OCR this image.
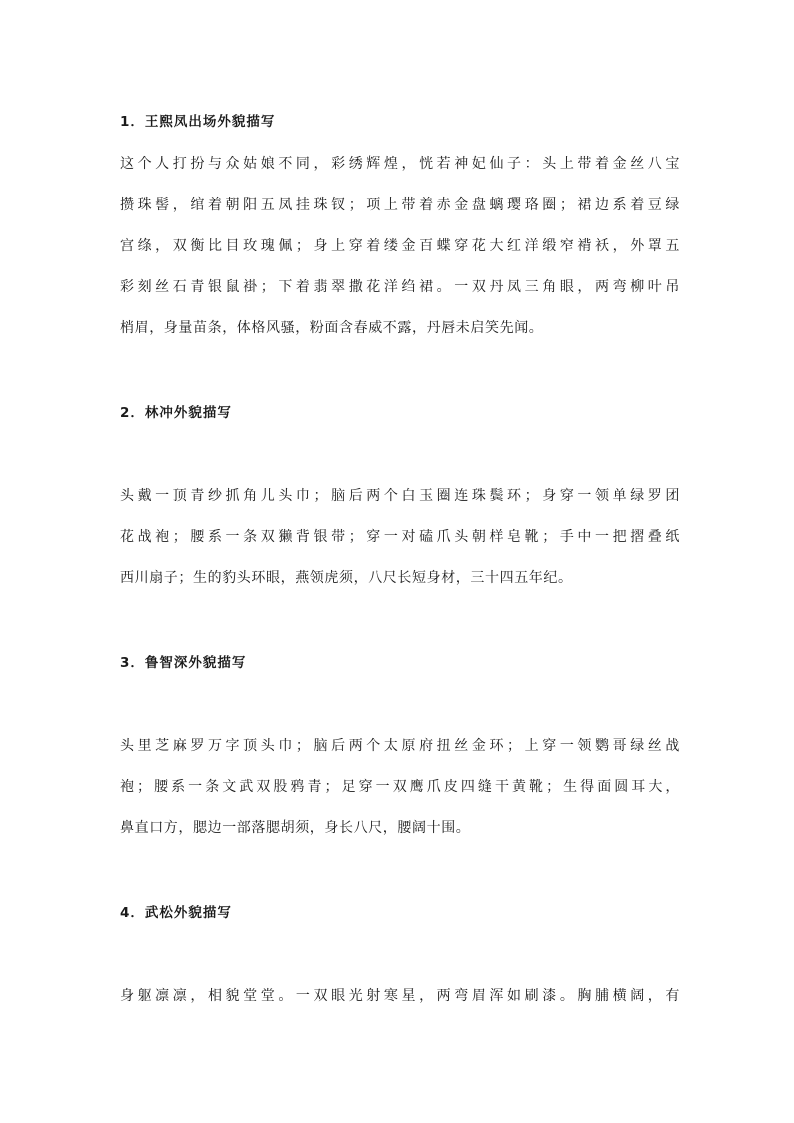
1．王熙凤出场外貌描写
这个人打扮与众姑娘不同，彩绣辉煌，恍若神妃仙子：头上带着金丝八宝
攒珠髻，绾着朝阳五凤挂珠钗；项上带着赤金盘螭璎珞圈；裙边系着豆绿
宫绦，双衡比目玫瑰佩；身上穿着缕金百蝶穿花大红洋缎窄褙袄，外罩五
彩刻丝石青银鼠褂；下着翡翠撒花洋绉裙。一双丹凤三角眼，两弯柳叶吊
梢眉，身量苗条，体格风骚，粉面含春威不露，丹唇未启笑先闻。
2．林冲外貌描写
头戴一顶青纱抓角儿头巾；脑后两个白玉圈连珠鬓环；身穿一领单绿罗团
花战袍；腰系一条双獭背银带；穿一对磕爪头朝样皂靴；手中一把摺叠纸
西川扇子；生的豹头环眼，燕领虎须，八尺长短身材，三十四五年纪。
3．鲁智深外貌描写
头里芝麻罗万字顶头巾；脑后两个太原府扭丝金环；上穿一领鹦哥绿丝战
袍；腰系一条文武双股鸦青；足穿一双鹰爪皮四缝干黄靴；生得面圆耳大，
鼻直口方，腮边一部落腮胡须，身长八尺，腰阔十围。
4．武松外貌描写
身躯凛凛，相貌堂堂。一双眼光射寒星，两弯眉浑如刷漆。胸脯横阔，有
